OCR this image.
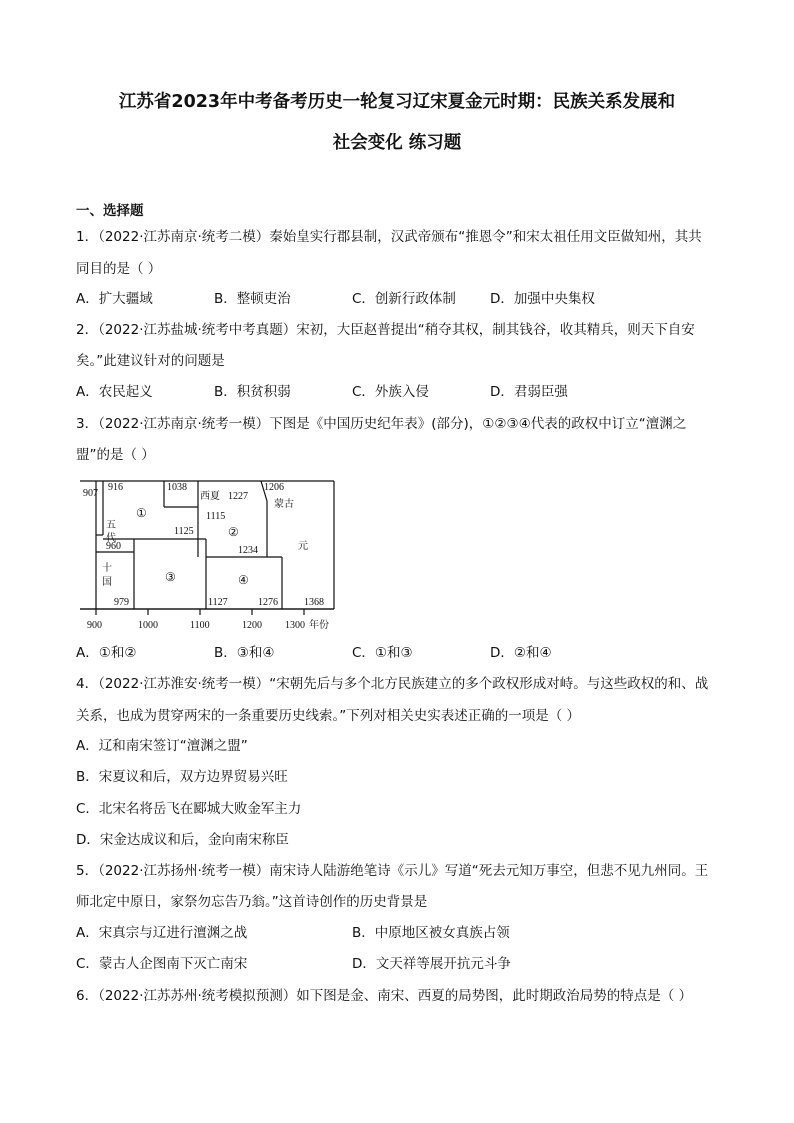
江苏省2023年中考备考历史一轮复习辽宋夏金元时期：民族关系发展和
社会变化 练习题
一、选择题
1．（2022·江苏南京·统考二模）秦始皇实行郡县制，汉武帝颁布“推恩令”和宋太祖任用文臣做知州，其共
同目的是（ ）
A．扩大疆域	B．整顿吏治	C．创新行政体制	D．加强中央集权
2．（2022·江苏盐城·统考中考真题）宋初，大臣赵普提出“稍夺其权，制其钱谷，收其精兵，则天下自安
矣。”此建议针对的问题是
A．农民起义	B．积贫积弱	C．外族入侵	D．君弱臣强
3．（2022·江苏南京·统考一模）下图是《中国历史纪年表》(部分)，①②③④代表的政权中订立“澶渊之
盟”的是（ ）
907
916	1038
1227
1206
1115
1125
960	1234
979	1127	1276	1368
①
②
③	④
五
代
十
国
西夏
蒙古
元
900	1000	1100	1200 1300 年份
A．①和②	B．③和④	C．①和③	D．②和④
4．（2022·江苏淮安·统考一模）“宋朝先后与多个北方民族建立的多个政权形成对峙。与这些政权的和、战
关系，也成为贯穿两宋的一条重要历史线索。”下列对相关史实表述正确的一项是（ ）
A．辽和南宋签订“澶渊之盟”
B．宋夏议和后，双方边界贸易兴旺
C．北宋名将岳飞在郾城大败金军主力
D．宋金达成议和后，金向南宋称臣
5．（2022·江苏扬州·统考一模）南宋诗人陆游绝笔诗《示儿》写道“死去元知万事空，但悲不见九州同。王
师北定中原日，家祭勿忘告乃翁。”这首诗创作的历史背景是
A．宋真宗与辽进行澶渊之战	B．中原地区被女真族占领
C．蒙古人企图南下灭亡南宋	D．文天祥等展开抗元斗争
6．（2022·江苏苏州·统考模拟预测）如下图是金、南宋、西夏的局势图，此时期政治局势的特点是（ ）
